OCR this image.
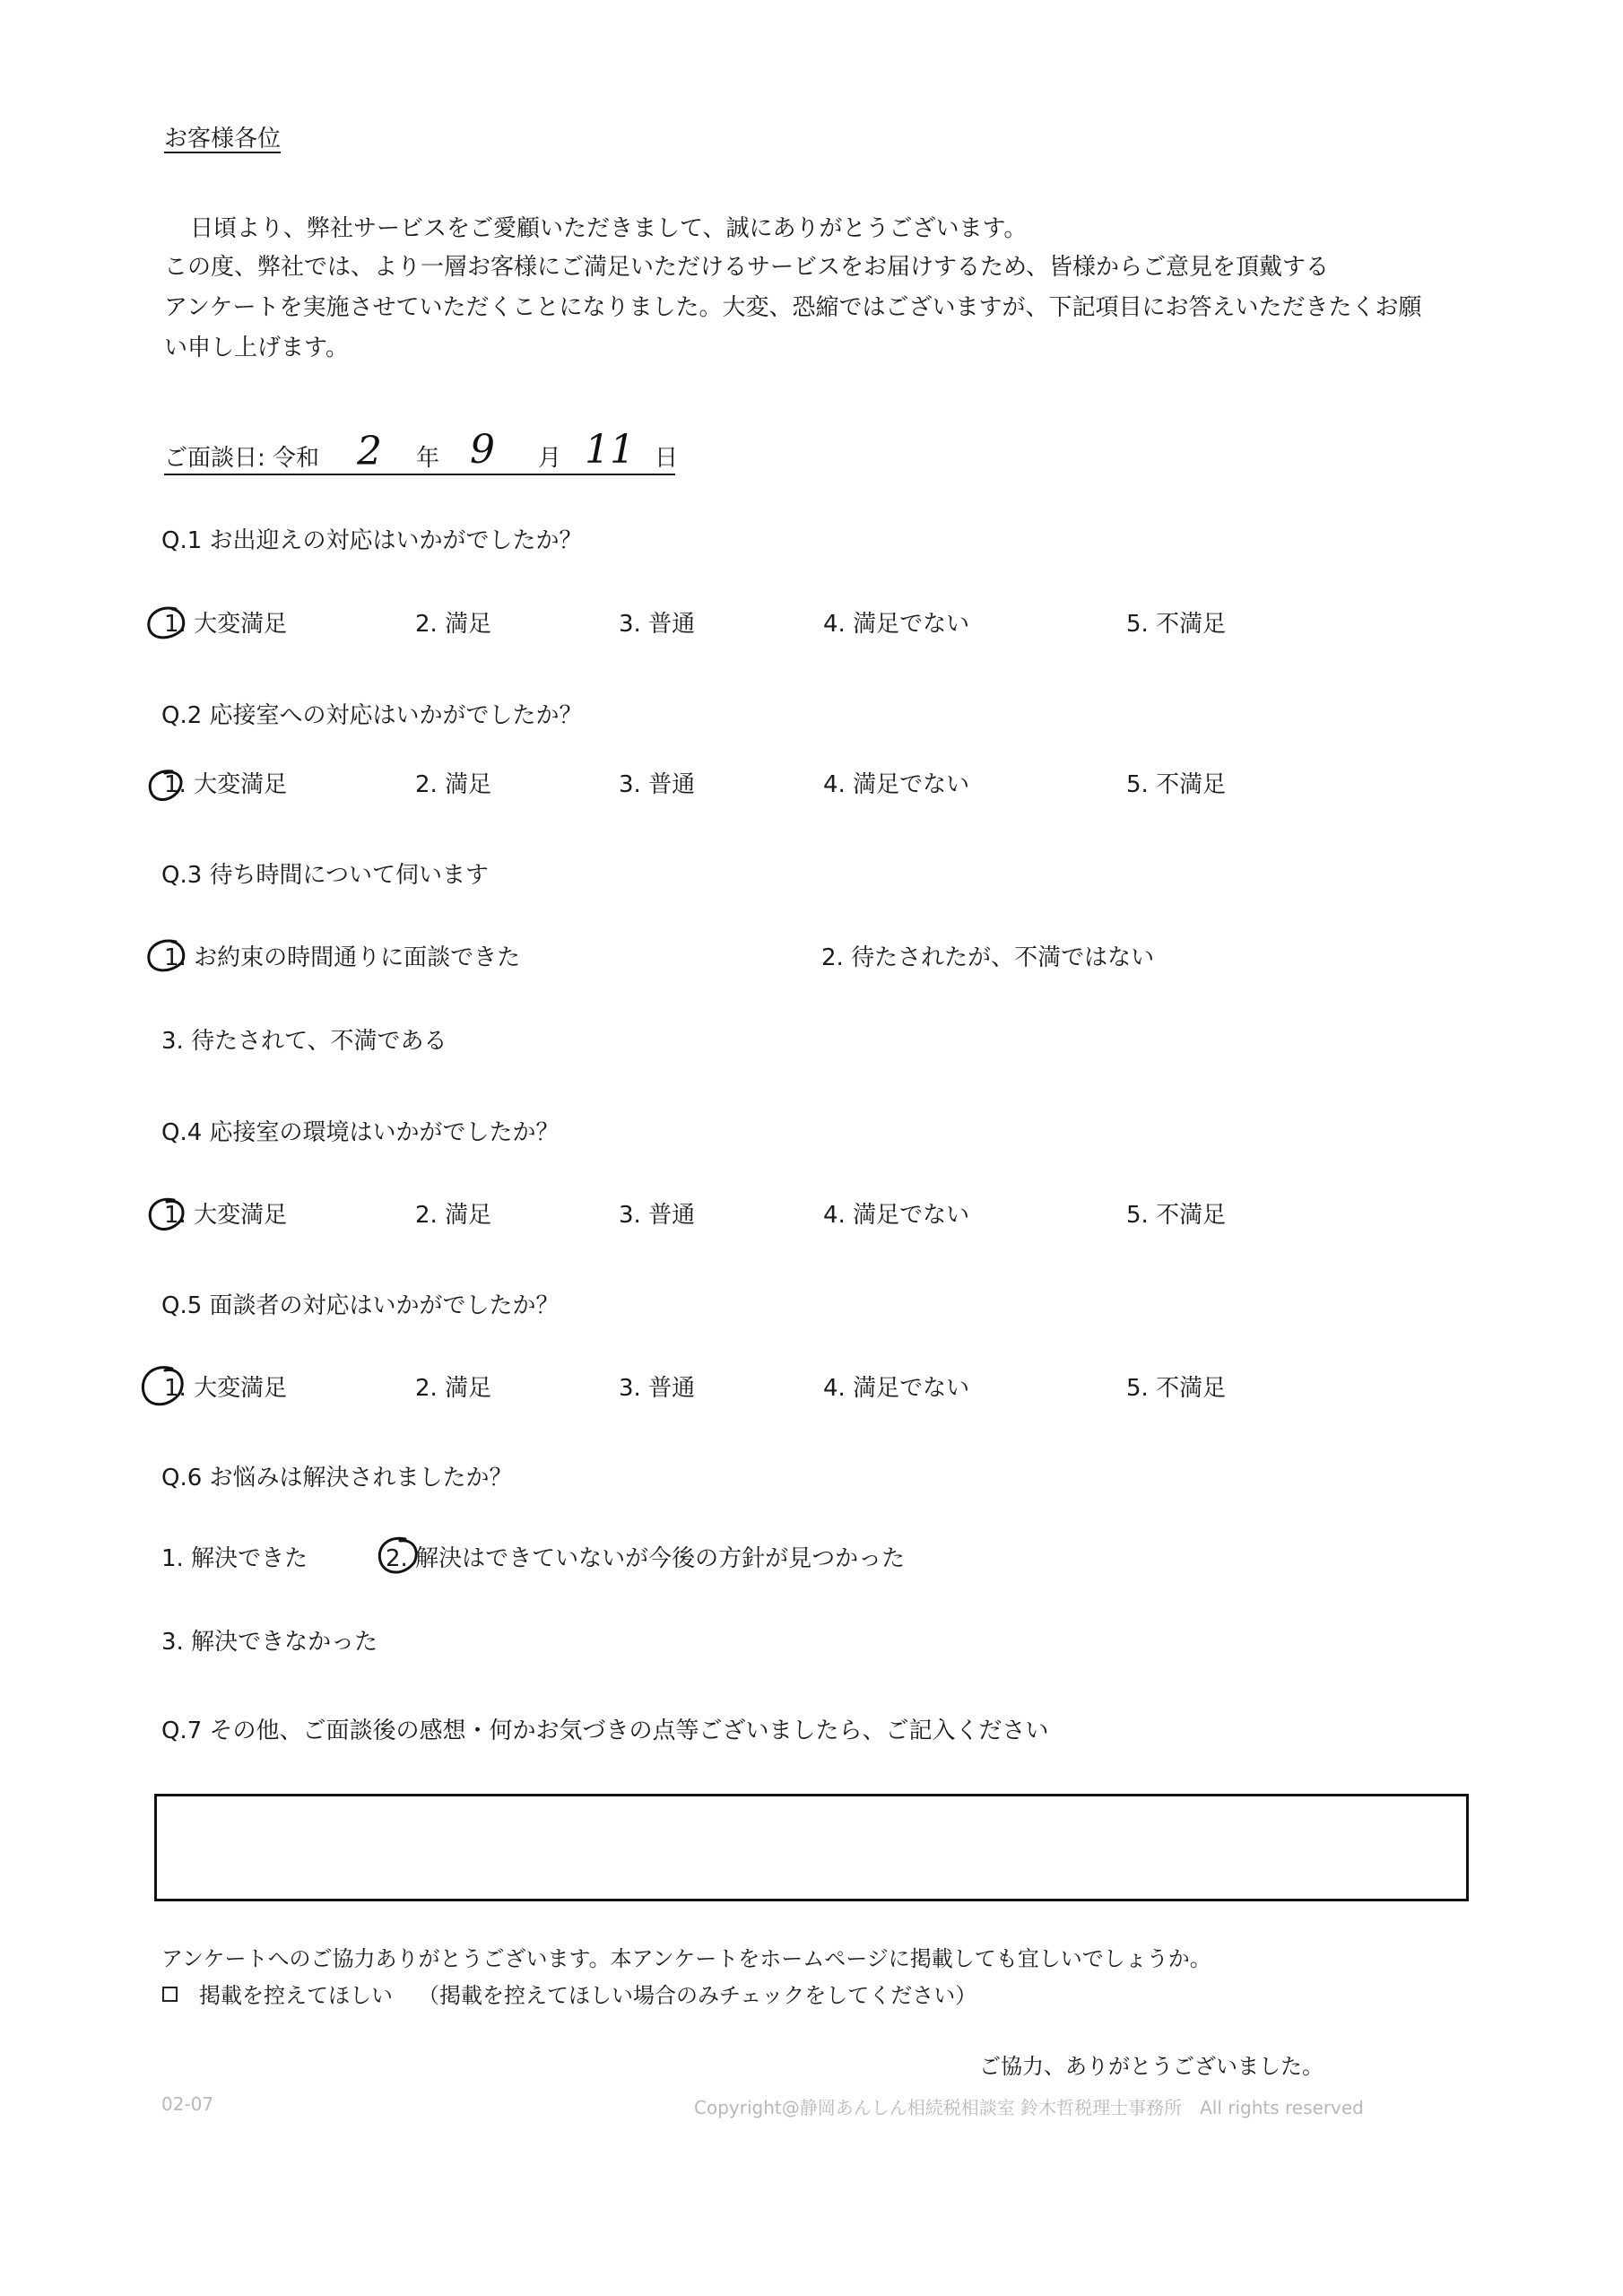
お客様各位
日頃より、弊社サービスをご愛顧いただきまして、誠にありがとうございます。
この度、弊社では、より一層お客様にご満足いただけるサービスをお届けするため、皆様からご意見を頂戴する
アンケートを実施させていただくことになりました。大変、恐縮ではございますが、下記項目にお答えいただきたくお願
い申し上げます。
ご面談日: 令和 2 年 9 月 11 日
Q.1 お出迎えの対応はいかがでしたか？
1. 大変満足	2. 満足	3. 普通	4. 満足でない	5. 不満足
Q.2 応接室への対応はいかがでしたか？
1. 大変満足	2. 満足	3. 普通	4. 満足でない	5. 不満足
Q.3 待ち時間について伺います
1. お約束の時間通りに面談できた	2. 待たされたが、不満ではない
3. 待たされて、不満である
Q.4 応接室の環境はいかがでしたか？
1. 大変満足	2. 満足	3. 普通	4. 満足でない	5. 不満足
Q.5 面談者の対応はいかがでしたか？
1. 大変満足	2. 満足	3. 普通	4. 満足でない	5. 不満足
Q.6 お悩みは解決されましたか？
1. 解決できた	2. 解決はできていないが今後の方針が見つかった
3. 解決できなかった
Q.7 その他、ご面談後の感想・何かお気づきの点等ございましたら、ご記入ください
アンケートへのご協力ありがとうございます。本アンケートをホームページに掲載しても宜しいでしょうか。
掲載を控えてほしい （掲載を控えてほしい場合のみチェックをしてください）
ご協力、ありがとうございました。
02-07	Copyright@静岡あんしん相続税相談室 鈴木哲税理士事務所　All rights reserved
